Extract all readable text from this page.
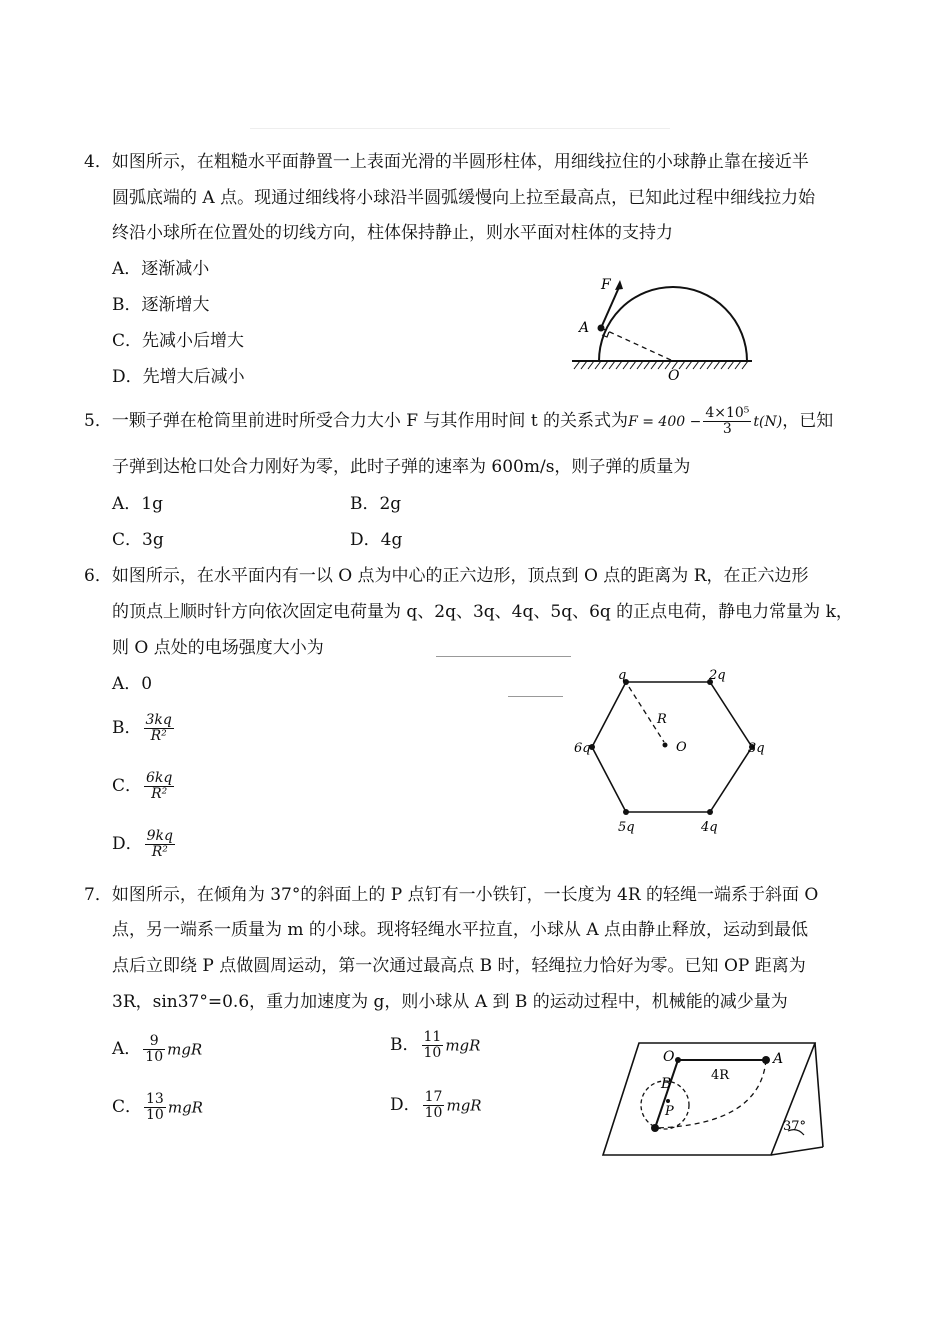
4．如图所示，在粗糙水平面静置一上表面光滑的半圆形柱体，用细线拉住的小球静止靠在接近半
圆弧底端的 A 点。现通过细线将小球沿半圆弧缓慢向上拉至最高点，已知此过程中细线拉力始
终沿小球所在位置处的切线方向，柱体保持静止，则水平面对柱体的支持力
A．逐渐减小
B．逐渐增大
C．先减小后增大
D．先增大后减小
F
A
O
5．一颗子弹在枪筒里前进时所受合力大小 F 与其作用时间 t 的关系式为$F = 400 - \frac{\text{4×10⁵}}{3} t(N)$，已知
子弹到达枪口处合力刚好为零，此时子弹的速率为 600m/s，则子弹的质量为
A．1g	B．2g
C．3g	D．4g
6．如图所示，在水平面内有一以 O 点为中心的正六边形，顶点到 O 点的距离为 R，在正六边形
的顶点上顺时针方向依次固定电荷量为 q、2q、3q、4q、5q、6q 的正点电荷，静电力常量为 k，
则 O 点处的电场强度大小为
A．0
B． $\frac{3kq}{\text{R²}}$
C． $\frac{6kq}{\text{R²}}$
D． $\frac{9kq}{\text{R²}}$
q	2q
3q
4q
5q
6q
R
O
7．如图所示，在倾角为 37°的斜面上的 P 点钉有一小铁钉，一长度为 4R 的轻绳一端系于斜面 O
点，另一端系一质量为 m 的小球。现将轻绳水平拉直，小球从 A 点由静止释放，运动到最低
点后立即绕 P 点做圆周运动，第一次通过最高点 B 时，轻绳拉力恰好为零。已知 OP 距离为
3R，sin37°=0.6，重力加速度为 g，则小球从 A 到 B 的运动过程中，机械能的减少量为
A． $\frac{9}{10}$ mgR	B． $\frac{11}{10}$ mgR
C． $\frac{13}{10}$ mgR	D． $\frac{17}{10}$ mgR
37°
O	A
B
P
4R
